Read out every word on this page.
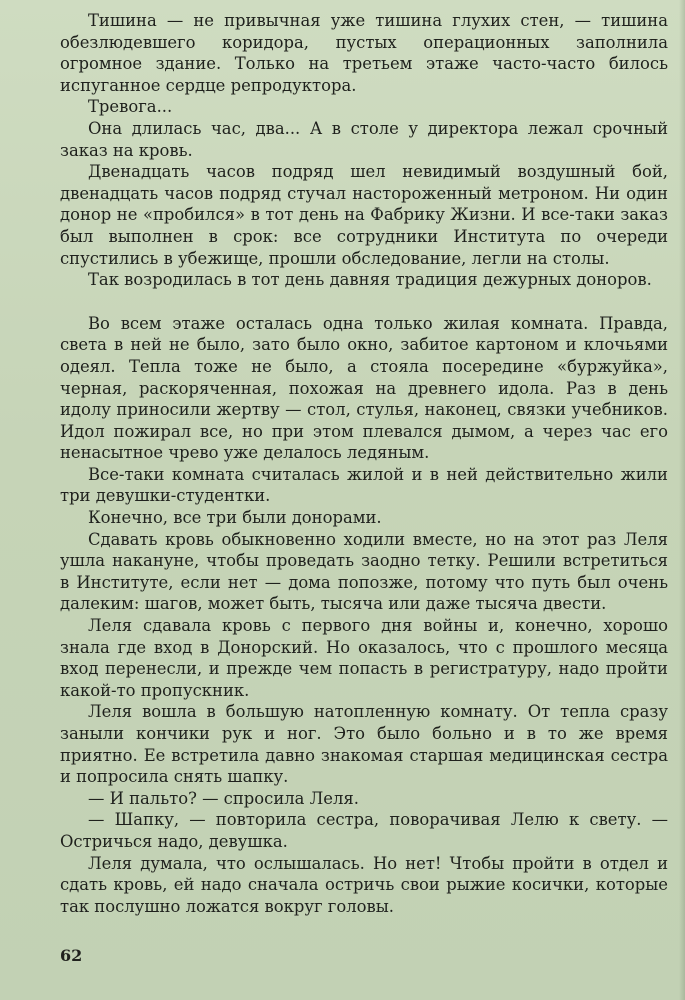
Тишина — не привычная уже тишина глухих стен, — тишина обезлюдевшего коридора, пустых операционных заполнила огромное здание. Только на третьем этаже часто-часто билось испуганное сердце репродуктора.

Тревога...

Она длилась час, два... А в столе у директора лежал срочный заказ на кровь.

Двенадцать часов подряд шел невидимый воздушный бой, двенадцать часов подряд стучал настороженный метроном. Ни один донор не «пробился» в тот день на Фабрику Жизни. И все-таки заказ был выполнен в срок: все сотрудники Института по очереди спустились в убежище, прошли обследование, легли на столы.

Так возродилась в тот день давняя традиция дежурных доноров.

Во всем этаже осталась одна только жилая комната. Правда, света в ней не было, зато было окно, забитое картоном и клочьями одеял. Тепла тоже не было, а стояла посередине «буржуйка», черная, раскоряченная, похожая на древнего идола. Раз в день идолу приносили жертву — стол, стулья, наконец, связки учебников. Идол пожирал все, но при этом плевался дымом, а через час его ненасытное чрево уже делалось ледяным.

Все-таки комната считалась жилой и в ней действительно жили три девушки-студентки.

Конечно, все три были донорами.

Сдавать кровь обыкновенно ходили вместе, но на этот раз Леля ушла накануне, чтобы проведать заодно тетку. Решили встретиться в Институте, если нет — дома попозже, потому что путь был очень далеким: шагов, может быть, тысяча или даже тысяча двести.

Леля сдавала кровь с первого дня войны и, конечно, хорошо знала где вход в Донорский. Но оказалось, что с прошлого месяца вход перенесли, и прежде чем попасть в регистратуру, надо пройти какой-то пропускник.

Леля вошла в большую натопленную комнату. От тепла сразу заныли кончики рук и ног. Это было больно и в то же время приятно. Ее встретила давно знакомая старшая медицинская сестра и попросила снять шапку.

— И пальто? — спросила Леля.

— Шапку, — повторила сестра, поворачивая Лелю к свету. — Остричься надо, девушка.

Леля думала, что ослышалась. Но нет! Чтобы пройти в отдел и сдать кровь, ей надо сначала остричь свои рыжие косички, которые так послушно ложатся вокруг головы.

62
